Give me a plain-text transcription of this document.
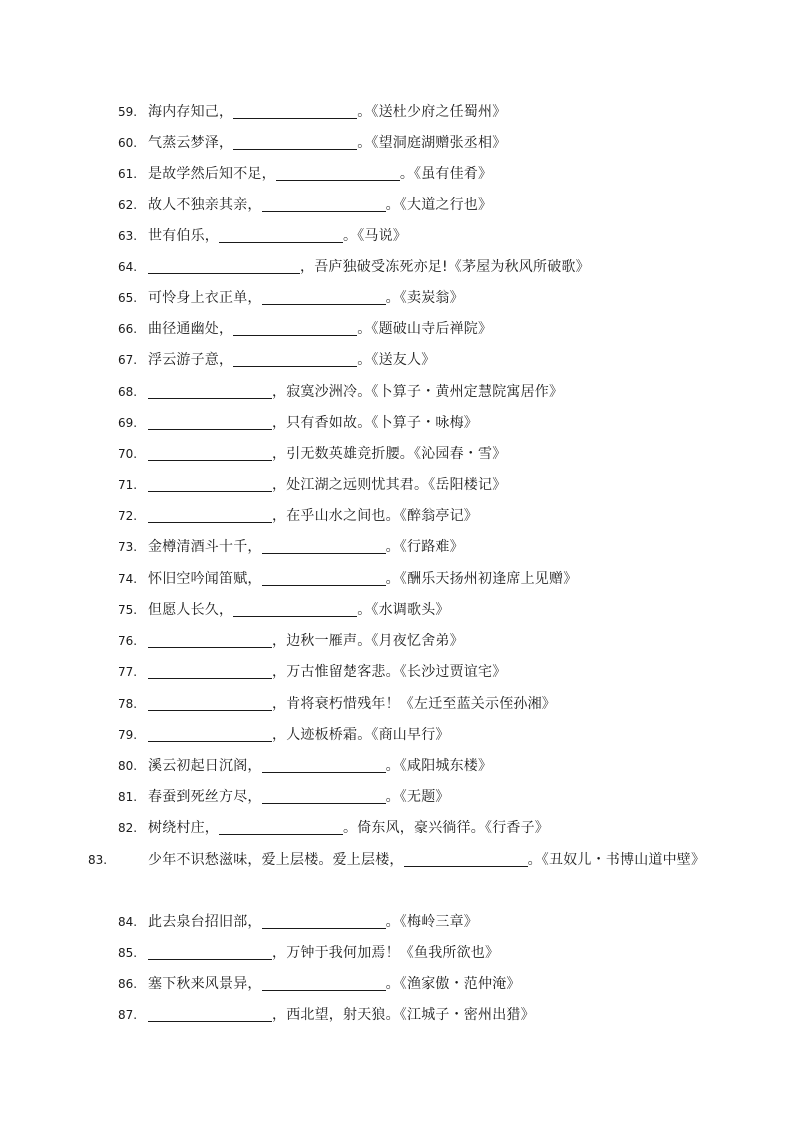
59. 海内存知己，	。《送杜少府之任蜀州》
60. 气蒸云梦泽，	。《望洞庭湖赠张丞相》
61. 是故学然后知不足，	。《虽有佳肴》
62. 故人不独亲其亲，	。《大道之行也》
63. 世有伯乐，	。《马说》
64.	，吾庐独破受冻死亦足!《茅屋为秋风所破歌》
65. 可怜身上衣正单，	。《卖炭翁》
66. 曲径通幽处，	。《题破山寺后禅院》
67. 浮云游子意，	。《送友人》
68.	，寂寞沙洲冷。《卜算子・黄州定慧院寓居作》
69.	，只有香如故。《卜算子・咏梅》
70.	，引无数英雄竞折腰。《沁园春・雪》
71.	，处江湖之远则忧其君。《岳阳楼记》
72.	，在乎山水之间也。《醉翁亭记》
73. 金樽清酒斗十千，	。《行路难》
74. 怀旧空吟闻笛赋，	。《酬乐天扬州初逢席上见赠》
75. 但愿人长久，	。《水调歌头》
76.	，边秋一雁声。《月夜忆舍弟》
77.	，万古惟留楚客悲。《长沙过贾谊宅》
78.	，肯将衰朽惜残年！《左迁至蓝关示侄孙湘》
79.	，人迹板桥霜。《商山早行》
80. 溪云初起日沉阁，	。《咸阳城东楼》
81. 春蚕到死丝方尽，	。《无题》
82. 树绕村庄，	。倚东风，豪兴徜徉。《行香子》
83.	少年不识愁滋味，爱上层楼。爱上层楼，	。《丑奴儿・书博山道中壁》
84. 此去泉台招旧部，	。《梅岭三章》
85.	，万钟于我何加焉！《鱼我所欲也》
86. 塞下秋来风景异，	。《渔家傲・范仲淹》
87.	，西北望，射天狼。《江城子・密州出猎》
